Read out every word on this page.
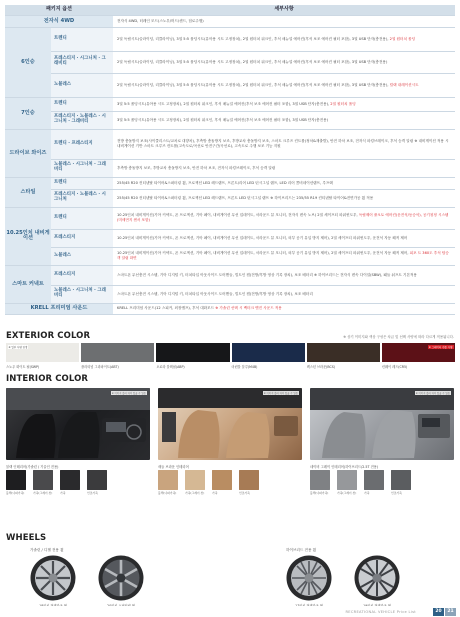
패키지 옵션		세부사항
전자식 4WD		전자식 4WD, 터레인 모드(스노우/머드/샌드, 험로주행)
6인승	트렌디	2열 독립시트(슬라이딩, 리클라이닝), 3열 5:5 폴딩시트(유아용 시트 고정장치), 2열 원터치 워크인, 후석 매뉴얼 에어컨(후석 보조 에어컨 필터 포함), 3열 USB 단자(충전용), 2열 원터치 폴딩
	프레스티지 · 시그니처 · 그래비티	2열 독립시트(슬라이딩, 리클라이닝), 3열 5:5 폴딩시트(유아용 시트 고정장치), 2열 원터치 워크인, 후석 매뉴얼 에어컨(후석 보조 에어컨 필터 포함), 3열 USB 단자(충전용)
	노블레스	2열 독립시트(슬라이딩, 리클라이닝), 3열 5:5 폴딩시트(유아용 시트 고정장치), 2열 원터치 워크인, 후석 매뉴얼 에어컨(후석 보조 에어컨 필터 포함), 3열 USB 단자(충전용), 릴랙 내레이션시트
7인승	트렌디	3열 5:5 폴딩시트(유아용 시트 고정장치), 2열 원터치 워크인, 후석 매뉴얼 에어컨(후석 보조 에어컨 필터 포함), 3열 USB 단자(충전용), 2열 원터치 폴딩
	프레스티지 · 노블레스 · 시그니처 · 그래비티	3열 5:5 폴딩시트(유아용 시트 고정장치), 2열 원터치 워크인, 후석 매뉴얼 에어컨(후석 보조 에어컨 필터 포함), 3열 USB 단자(충전용)
드라이브 와이즈	트렌디 · 프레스티지	전방 충돌방지 보조(사이클리스트/교차로 대향차), 후측방 충돌방지 보조, 후방교차 충돌방지 보조, 스마트 크루즈 컨트롤(정차&재출발), 안전 하차 보조, 전자식 파킹브레이크, 후석 승객 알림 ※ 내비게이션 적용 시 내비게이션 기반 스마트 크루즈 컨트롤(고속도로/곡선로 안전구간/곡선로), 고속도로 주행 보조 기능 지원
	노블레스 · 시그니처 · 그래비티	후측방 충돌방지 보조, 후방교차 충돌방지 보조, 안전 하차 보조, 전자식 파킹브레이크, 후석 승객 알림
스타일	트렌디	255/45 R20 컨티넨탈 타이어&스퍼터링 휠, 프로젝션 LED 헤드램프, 프론트/리어 LED 턴시그널 램프, LED 리어 콤비네이션램프, 루프랙
	프레스티지 · 노블레스 · 시그니처	255/45 R20 컨티넨탈 타이어&스퍼터링 휠, 프로젝션 LED 헤드램프, 프론트 LED 턴시그널 램프 ※ 하이브리드는 235/55 R19 컨티넨탈 타이어&전면가공 휠 적용
10.25인치 내비게이션	트렌디	10.25인치 내비게이션(기아 커넥트, 폰 프로젝션, 기아 페이, 내비게이션 무선 업데이트, 서라운드 뷰 모니터, 전자식 변속 노브) 2열 세이프티 파워윈도우, 독립제어 풀오토 에어컨(운전석/동승석), 공기청정 시스템(미세먼지 센서 포함)
	프레스티지	10.25인치 내비게이션(기아 커넥트, 폰 프로젝션, 기아 페이, 내비게이션 무선 업데이트, 서라운드 뷰 모니터, 외부 공기 유입 방지 제어), 2열 세이프티 파워윈도우, 운전석 자동 쾌적 제어
	노블레스	10.25인치 내비게이션(기아 커넥트, 폰 프로젝션, 기아 페이, 내비게이션 무선 업데이트, 서라운드 뷰 모니터, 외부 공기 유입 방지 제어), 2열 세이프티 파워윈도우, 운전석 자동 쾌적 제어, 피포 트 360도 후석 탑승객 알림 화면
스마트 커넥트	프레스티지	스마트폰 무선충전 시스템, 기아 디지털 키, 터치타입 아웃사이드 도어핸들, 빌트인 캠(전방/후방 영상 기록 장치), 보조 배터리 ※ 하이브리드는 전자식 변속 다이얼(SBW), 패들 쉬프트 기본적용
	노블레스 · 시그니처 · 그래비티	스마트폰 무선충전 시스템, 기아 디지털 키, 터치타입 아웃사이드 도어핸들, 빌트인 캠(전방/후방 영상 기록 장치), 보조 배터리
KRELL 프리미엄 사운드		KRELL 프리미엄 사운드(12 스피커, 외장앰프), 후석 대화모드 ※ 가솔린 선택 시 백터크 엔진 사운드 적용
EXTERIOR COLOR	※ 상기 이미지와 색상 구성은 차급 및 선택 사양에 따라 다르게 적용됩니다.
※ 일부 사양 한정
스노우 화이트 펄(SWP)	플라티넘 그라파이트(ABT)	오로라 블랙펄(ABP)	마린블 블루(M4B)	렉스턴 브라운(BCS)
※ 그래비티 전용 사양
런웨이 레드(CR5)
INTERIOR COLOR
※ 이미지 컬러 차이 있을 수 있음
블랙 인테리어(가솔린 / 기술인 전용)
※ 이미지 컬러 차이 있을 수 있음
새들 브라운 인테리어
※ 이미지 컬러 차이 있을 수 있음
네이비 그레이 인테리어(하이브리드/2.5T 전용)
블랙(나파가죽)	가죽(그레이 천)	가죽	인조가죽	블랙(나파가죽)	가죽(그레이 천)	가죽	인조가죽	블랙(나파가죽)	가죽(그레이 천)	가죽	인조가죽
WHEELS
가솔린 / 디젤 전용 휠	하이브리드 전용 휠
RECREATIONAL VEHICLE Price List	20	21
